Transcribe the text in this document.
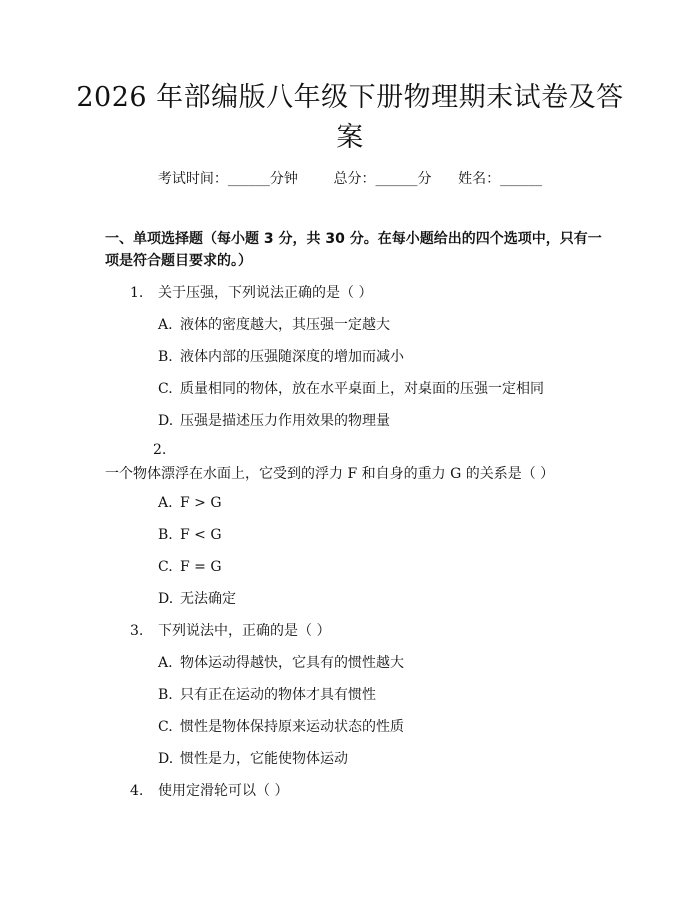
2026 年部编版八年级下册物理期末试卷及答案
考试时间：______分钟	总分：______分 姓名：______

一、单项选择题（每小题 3 分，共 30 分。在每小题给出的四个选项中，只有一项是符合题目要求的。）

1. 关于压强，下列说法正确的是（ ）
A. 液体的密度越大，其压强一定越大
B. 液体内部的压强随深度的增加而减小
C. 质量相同的物体，放在水平桌面上，对桌面的压强一定相同
D. 压强是描述压力作用效果的物理量
2.一个物体漂浮在水面上，它受到的浮力 F 和自身的重力 G 的关系是（ ）
A. F > G
B. F < G
C. F = G
D. 无法确定
3. 下列说法中，正确的是（ ）
A. 物体运动得越快，它具有的惯性越大
B. 只有正在运动的物体才具有惯性
C. 惯性是物体保持原来运动状态的性质
D. 惯性是力，它能使物体运动
4. 使用定滑轮可以（ ）
